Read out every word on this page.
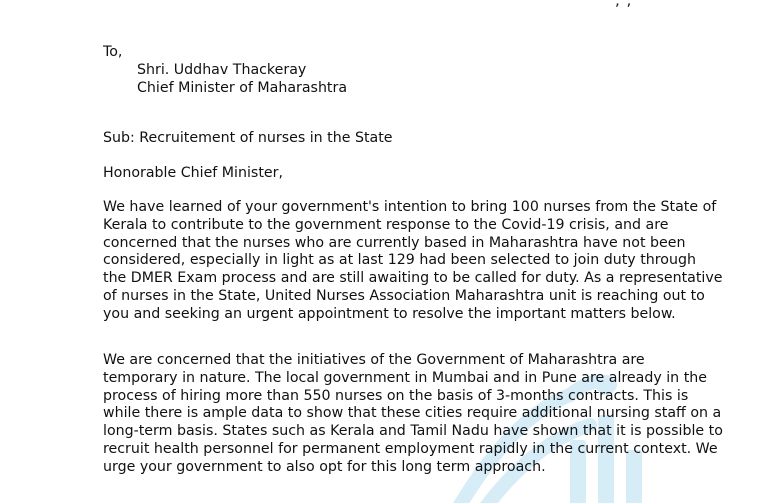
, ,
To,
Shri. Uddhav Thackeray
Chief Minister of Maharashtra
Sub: Recruitement of nurses in the State
Honorable Chief Minister,
We have learned of your government's intention to bring 100 nurses from the State of Kerala to contribute to the government response to the Covid-19 crisis, and are concerned that the nurses who are currently based in Maharashtra have not been considered, especially in light as at last 129 had been selected to join duty through the DMER Exam process and are still awaiting to be called for duty. As a representative of nurses in the State, United Nurses Association Maharashtra unit is reaching out to you and seeking an urgent appointment to resolve the important matters below.
We are concerned that the initiatives of the Government of Maharashtra are temporary in nature. The local government in Mumbai and in Pune are already in the process of hiring more than 550 nurses on the basis of 3-months contracts. This is while there is ample data to show that these cities require additional nursing staff on a long-term basis. States such as Kerala and Tamil Nadu have shown that it is possible to recruit health personnel for permanent employment rapidly in the current context. We urge your government to also opt for this long term approach.
